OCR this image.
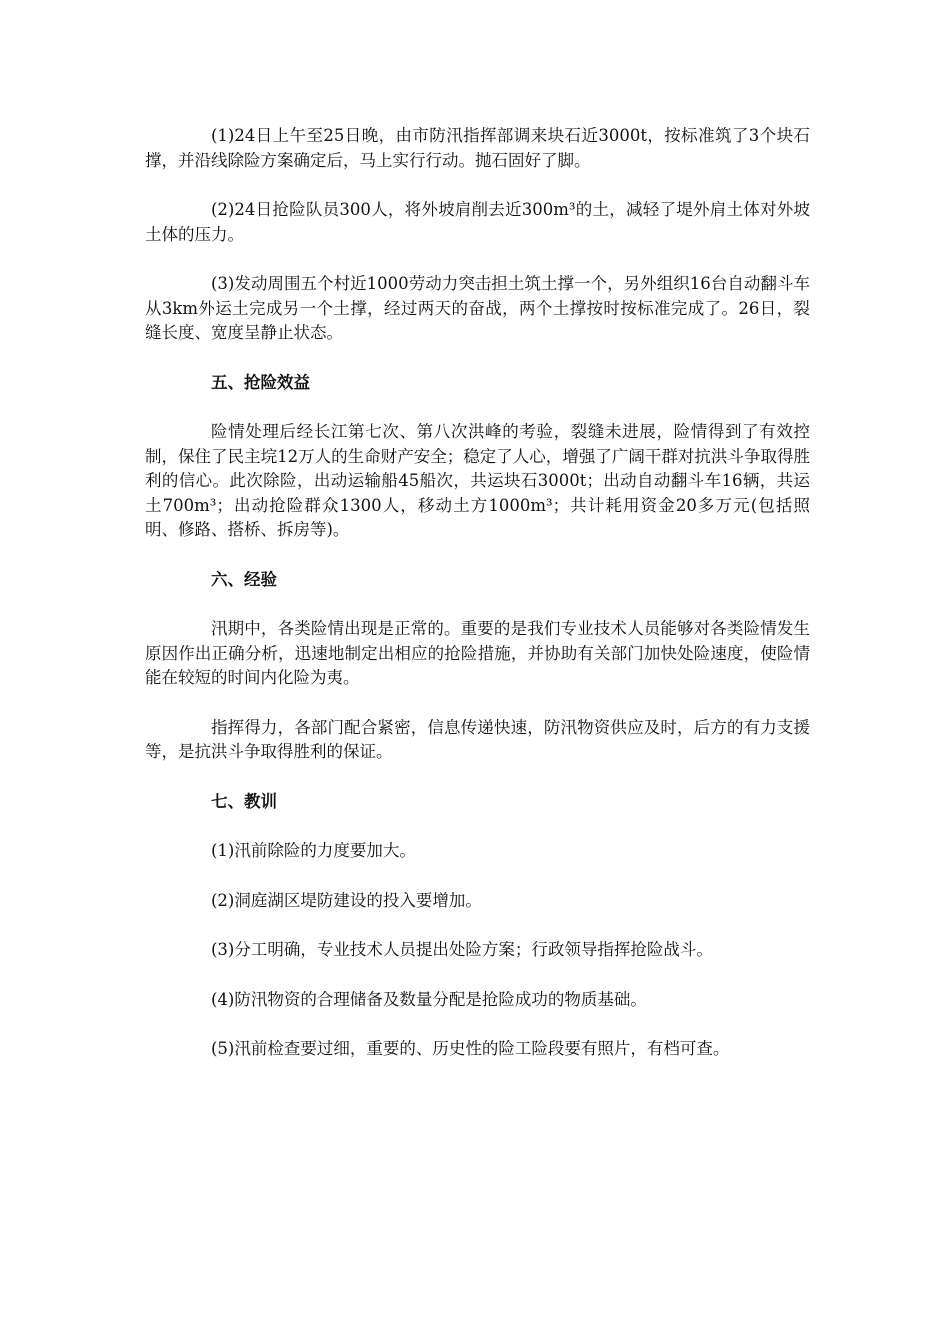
(1)24日上午至25日晚，由市防汛指挥部调来块石近3000t，按标准筑了3个块石撑，并沿线除险方案确定后，马上实行行动。抛石固好了脚。

(2)24日抢险队员300人，将外坡肩削去近300m³的土，减轻了堤外肩土体对外坡土体的压力。

(3)发动周围五个村近1000劳动力突击担土筑土撑一个，另外组织16台自动翻斗车从3km外运土完成另一个土撑，经过两天的奋战，两个土撑按时按标准完成了。26日，裂缝长度、宽度呈静止状态。

五、抢险效益

险情处理后经长江第七次、第八次洪峰的考验，裂缝未进展，险情得到了有效控制，保住了民主垸12万人的生命财产安全；稳定了人心，增强了广阔干群对抗洪斗争取得胜利的信心。此次除险，出动运输船45船次，共运块石3000t；出动自动翻斗车16辆，共运土700m³；出动抢险群众1300人，移动土方1000m³；共计耗用资金20多万元(包括照明、修路、搭桥、拆房等)。

六、经验

汛期中，各类险情出现是正常的。重要的是我们专业技术人员能够对各类险情发生原因作出正确分析，迅速地制定出相应的抢险措施，并协助有关部门加快处险速度，使险情能在较短的时间内化险为夷。

指挥得力，各部门配合紧密，信息传递快速，防汛物资供应及时，后方的有力支援等，是抗洪斗争取得胜利的保证。

七、教训

(1)汛前除险的力度要加大。

(2)洞庭湖区堤防建设的投入要增加。

(3)分工明确，专业技术人员提出处险方案；行政领导指挥抢险战斗。

(4)防汛物资的合理储备及数量分配是抢险成功的物质基础。

(5)汛前检查要过细，重要的、历史性的险工险段要有照片，有档可查。
